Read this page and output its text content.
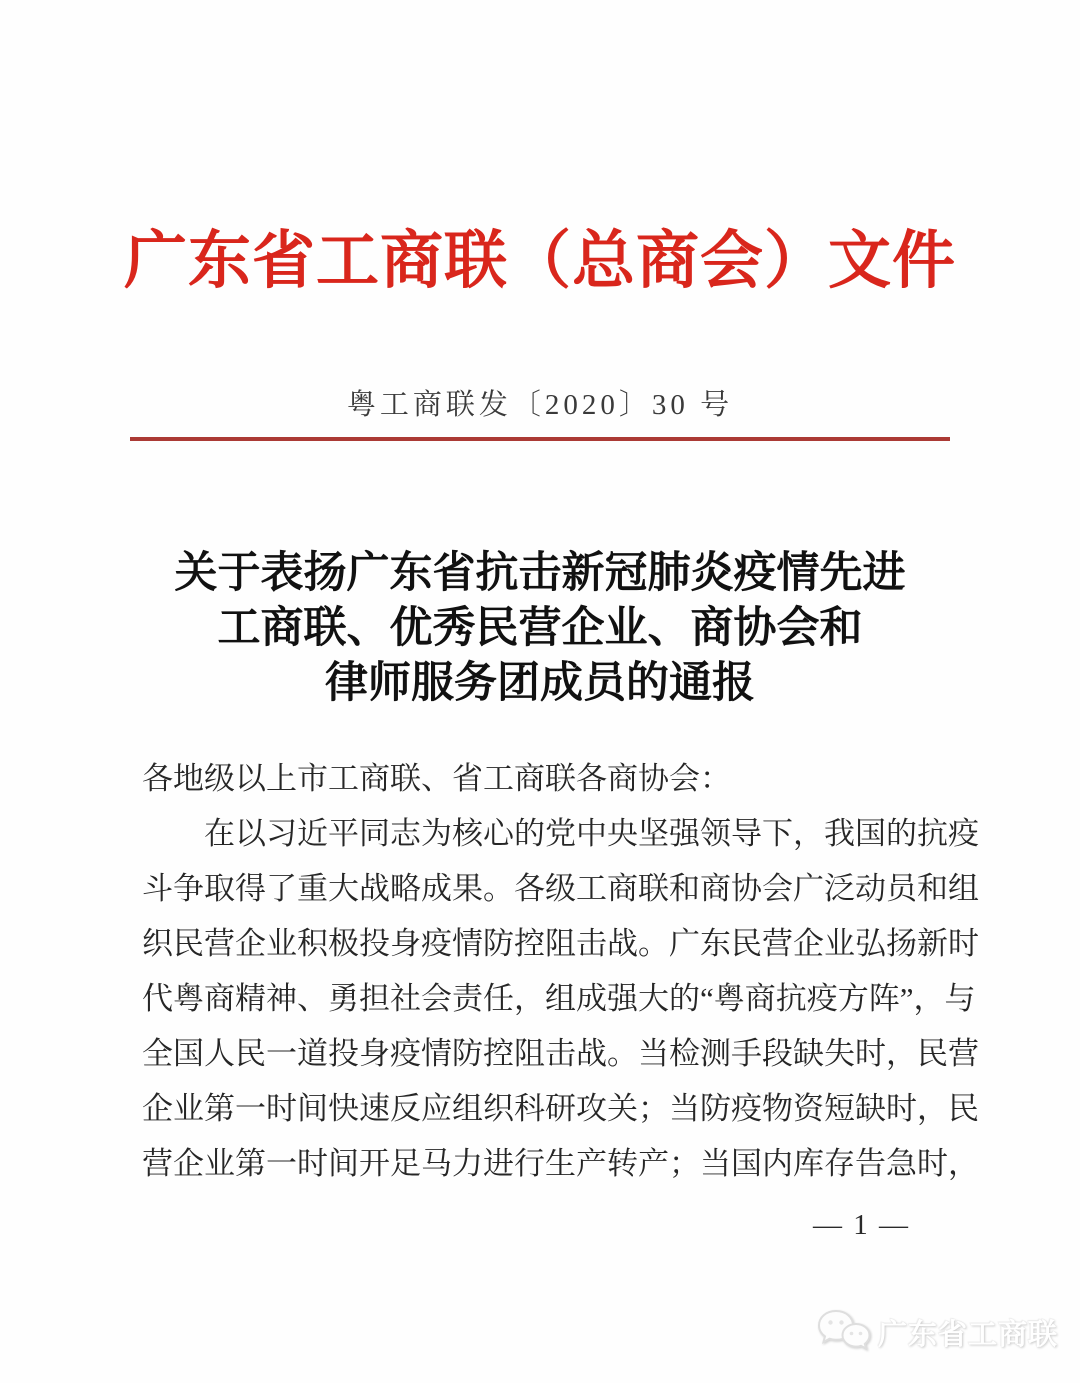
广东省工商联（总商会）文件
粤工商联发〔2020〕30 号
关于表扬广东省抗击新冠肺炎疫情先进
工商联、优秀民营企业、商协会和
律师服务团成员的通报
各地级以上市工商联、省工商联各商协会：
在以习近平同志为核心的党中央坚强领导下，我国的抗疫
斗争取得了重大战略成果。各级工商联和商协会广泛动员和组
织民营企业积极投身疫情防控阻击战。广东民营企业弘扬新时
代粤商精神、勇担社会责任，组成强大的“粤商抗疫方阵”，与
全国人民一道投身疫情防控阻击战。当检测手段缺失时，民营
企业第一时间快速反应组织科研攻关；当防疫物资短缺时，民
营企业第一时间开足马力进行生产转产；当国内库存告急时，
— 1 —
广东省工商联
